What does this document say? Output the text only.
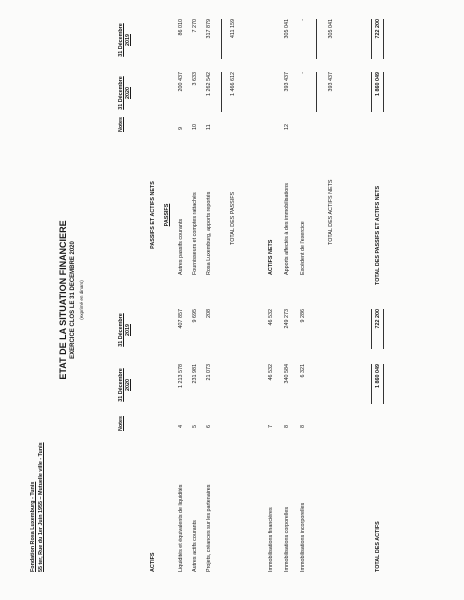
Fondation Rosa Luxemburg - Tunis 55 ter, Rue du 1er Juin 1955 – Mutuelle ville - Tunis
ETAT DE LA SITUATION FINANCIERE EXERCICE CLOS LE 31 DECEMBRE 2020 (exprimé en dinars)
Notes
31 Décembre 2020
31 Décembre 2019
ACTIFS	Liquidités et équivalents de liquidités
4
1 213 578
407 857
Autres actifs courants
5
231 981
9 695
Projets, créances sur les partenaires
6
21 073
208
Immobilisations financières
7
46 532
46 532
Immobilisations corporelles
8
340 584
249 273
Immobilisations incorporelles
8
6 321
9 286
TOTAL DES ACTIFS
1 860 049
722 200
Notes
31 Décembre 2020
31 Décembre 2019
PASSIFS ET ACTIFS NETS PASSIFS
Autres passifs courants
9
200 437
86 010
Fournisseurs et comptes rattachés
10
3 633
7 270
Rosa Luxemburg, apports reportés
11
1 262 542
317 879
TOTAL DES PASSIFS
1 466 612
411 159
ACTIFS NETS Apports affectés à des immobilisations
12
393 437
305 041
Excédent de l'exercice
-
-
TOTAL DES ACTIFS NETS
393 437
305 041
TOTAL DES PASSIFS ET ACTIFS NETS
1 860 049
722 200
